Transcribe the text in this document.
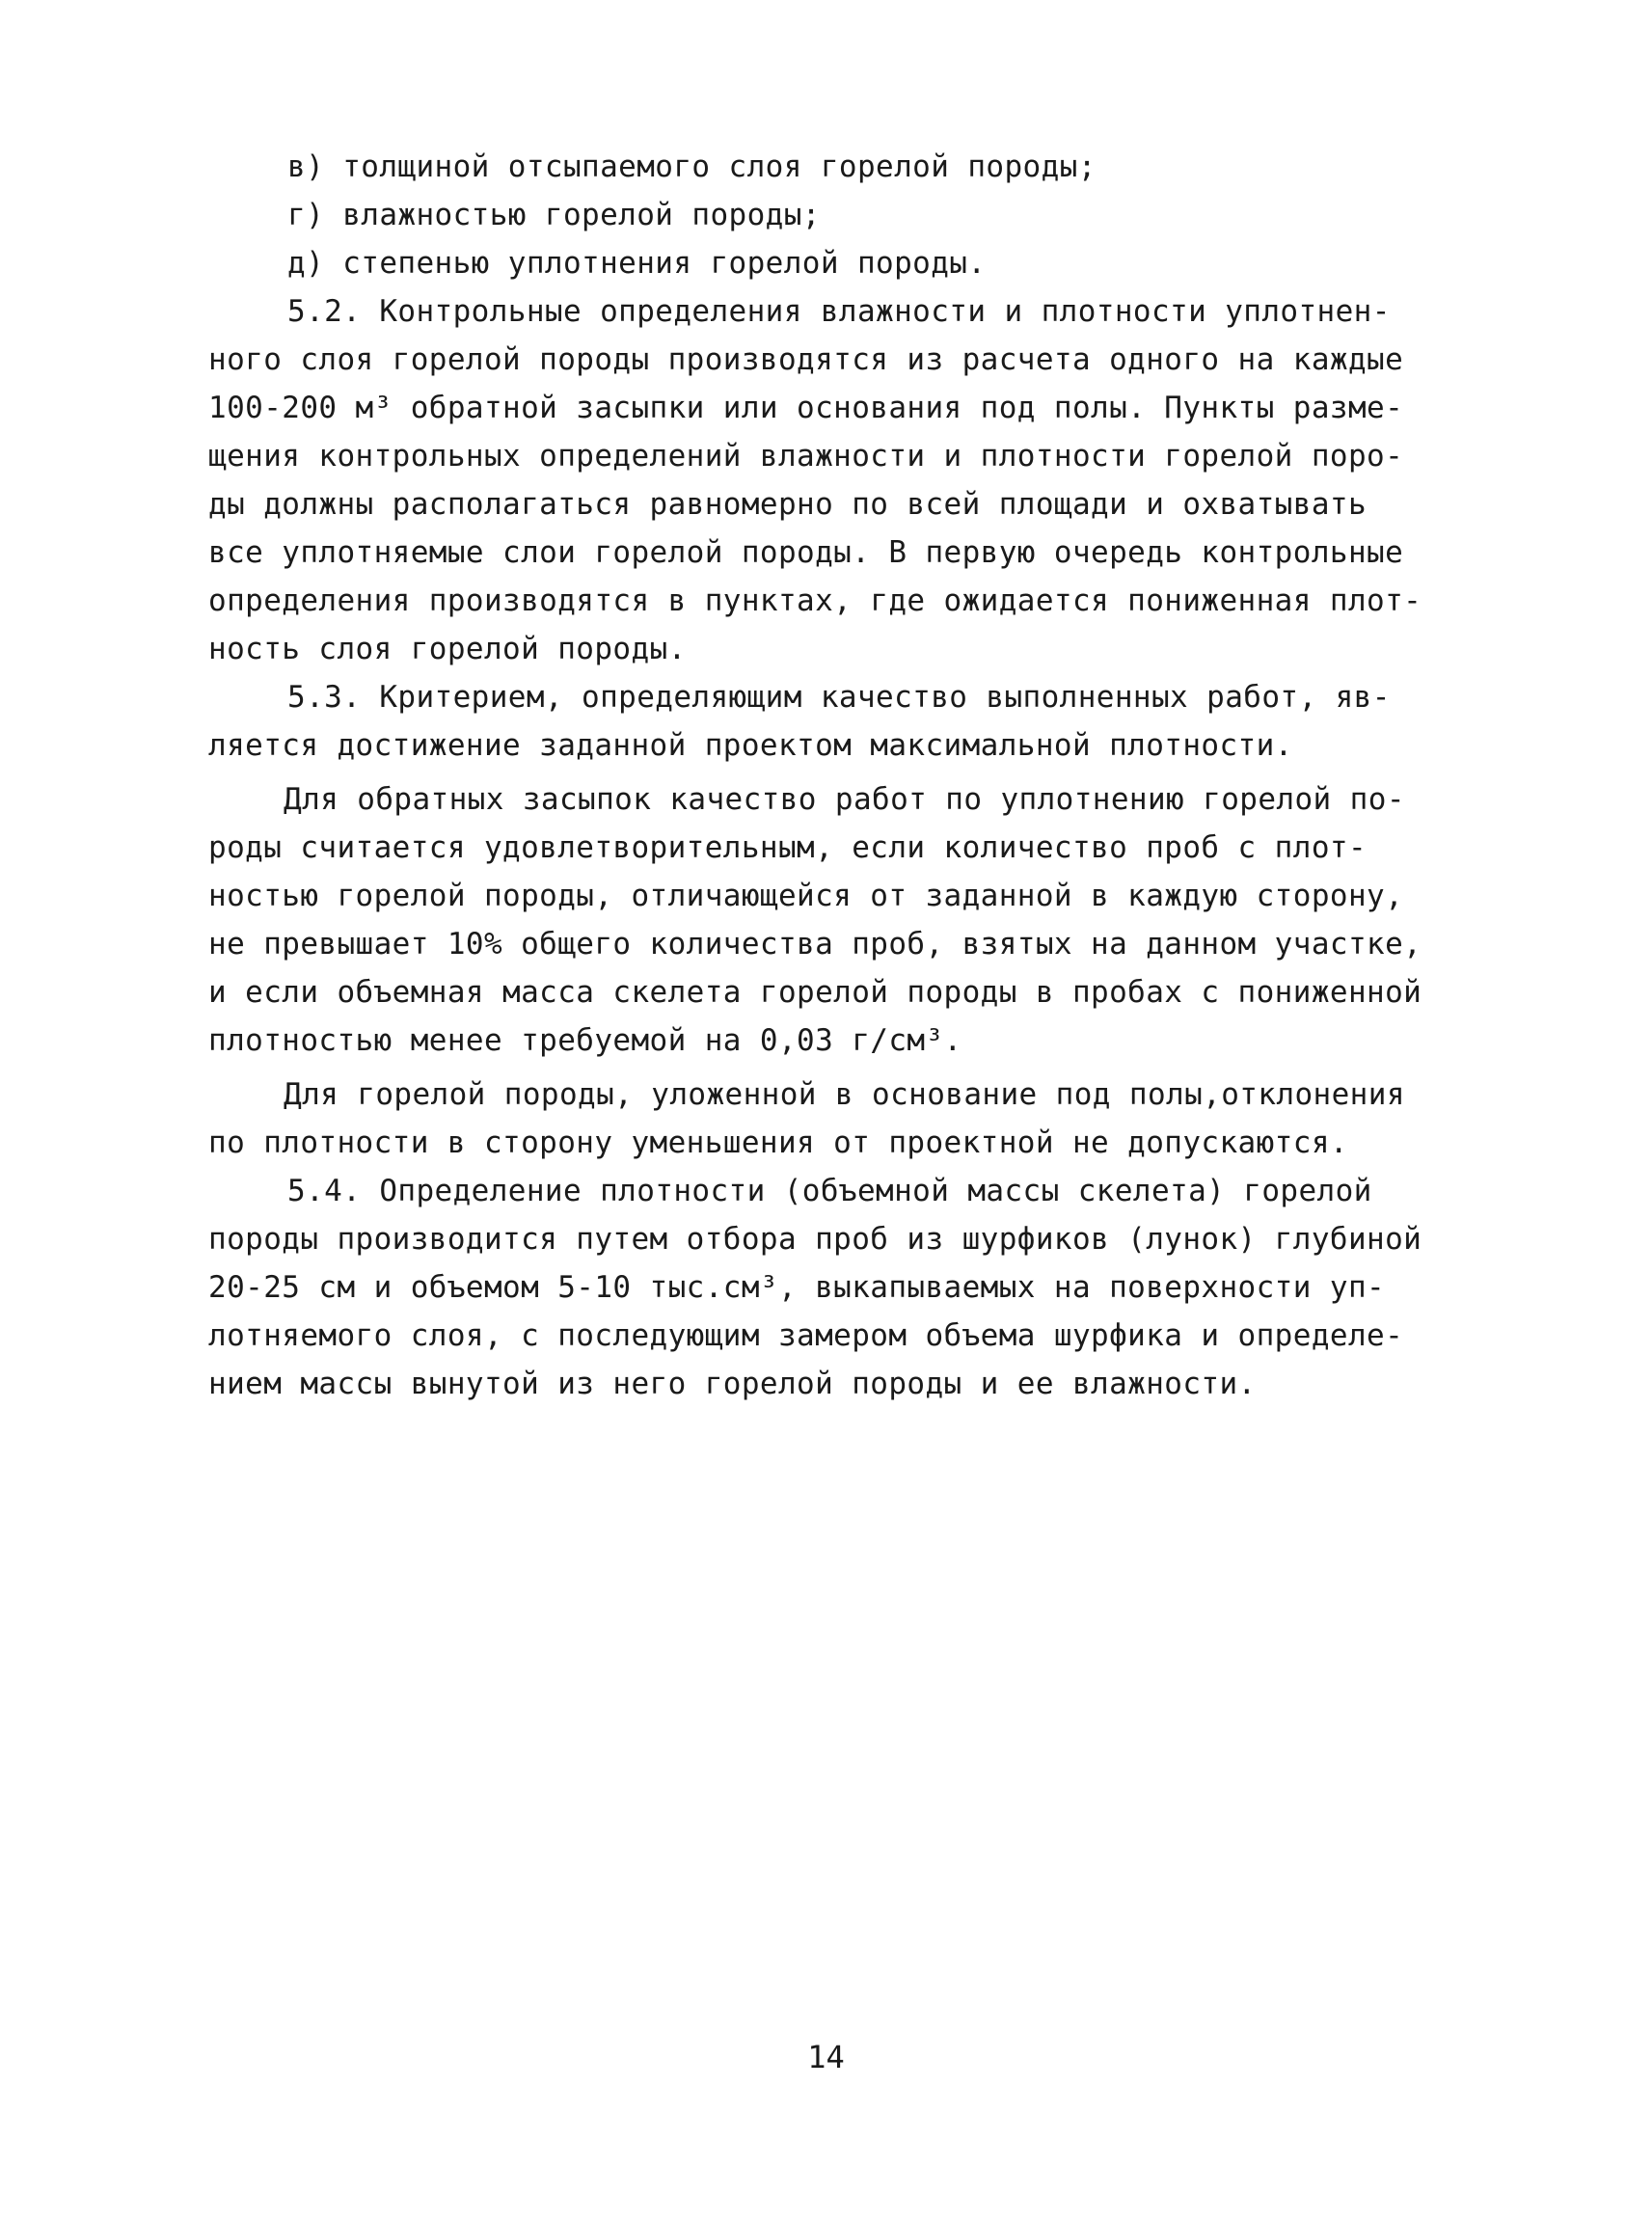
в) толщиной отсыпаемого слоя горелой породы;
г) влажностью горелой породы;
д) степенью уплотнения горелой породы.
5.2. Контрольные определения влажности и плотности уплотнен-
ного слоя горелой породы производятся из расчета одного на каждые
100-200 м³ обратной засыпки или основания под полы. Пункты разме-
щения контрольных определений влажности и плотности горелой поро-
ды должны располагаться равномерно по всей площади и охватывать
все уплотняемые слои горелой породы. В первую очередь контрольные
определения производятся в пунктах, где ожидается пониженная плот-
ность слоя горелой породы.
5.3. Критерием, определяющим качество выполненных работ, яв-
ляется достижение заданной проектом максимальной плотности.
Для обратных засыпок качество работ по уплотнению горелой по-
роды считается удовлетворительным, если количество проб с плот-
ностью горелой породы, отличающейся от заданной в каждую сторону,
не превышает 10% общего количества проб, взятых на данном участке,
и если объемная масса скелета горелой породы в пробах с пониженной
плотностью менее требуемой на 0,03 г/см³.
Для горелой породы, уложенной в основание под полы,отклонения
по плотности в сторону уменьшения от проектной не допускаются.
5.4. Определение плотности (объемной массы скелета) горелой
породы производится путем отбора проб из шурфиков (лунок) глубиной
20-25 см и объемом 5-10 тыс.см³, выкапываемых на поверхности уп-
лотняемого слоя, с последующим замером объема шурфика и определе-
нием массы вынутой из него горелой породы и ее влажности.
14
